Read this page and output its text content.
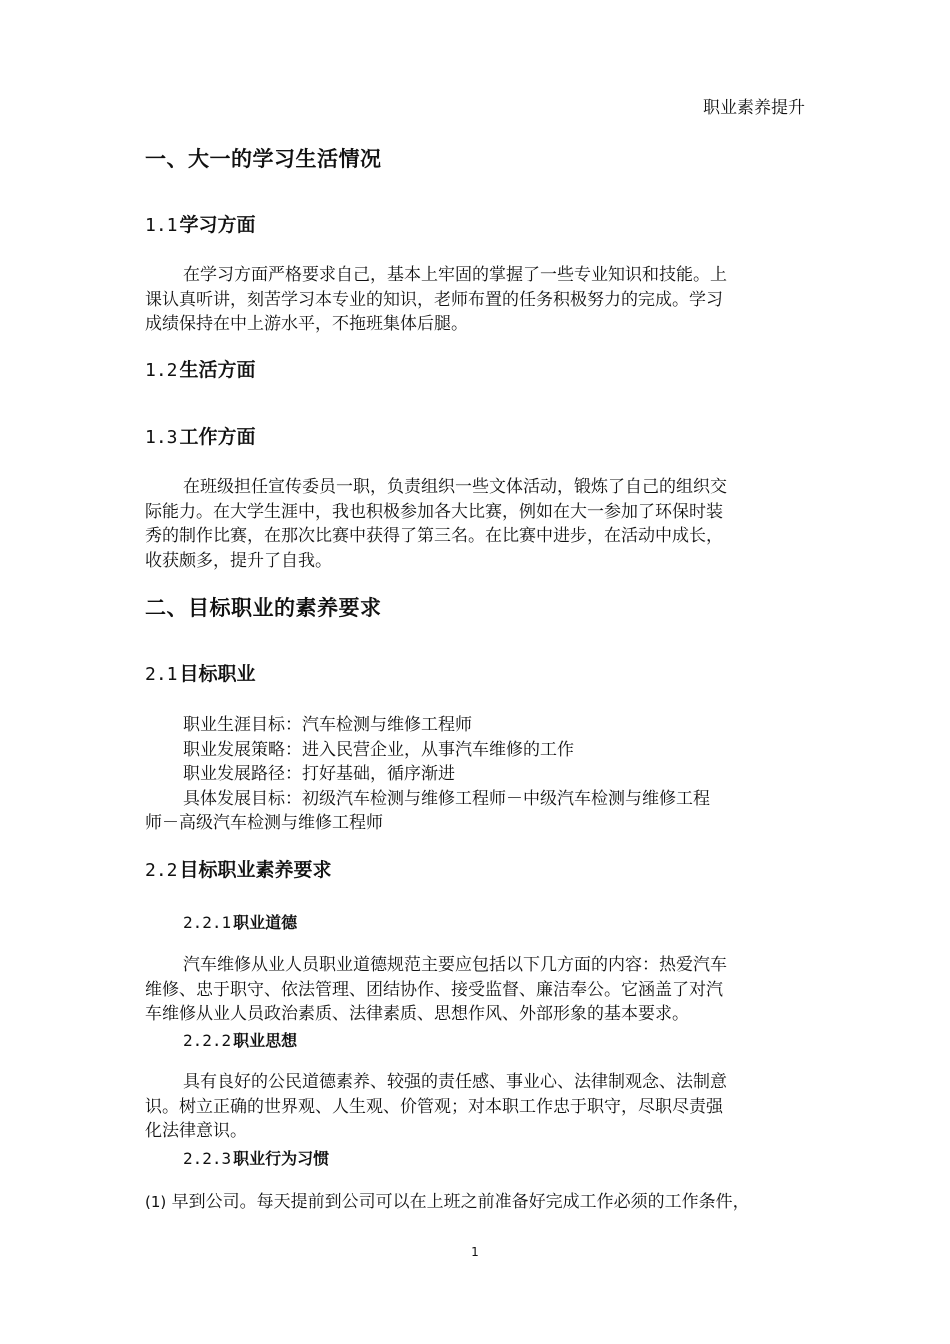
职业素养提升
一、大一的学习生活情况
1.1 学习方面
在学习方面严格要求自己，基本上牢固的掌握了一些专业知识和技能。上
课认真听讲，刻苦学习本专业的知识，老师布置的任务积极努力的完成。学习
成绩保持在中上游水平，不拖班集体后腿。
1.2 生活方面
1.3 工作方面
在班级担任宣传委员一职，负责组织一些文体活动，锻炼了自己的组织交
际能力。在大学生涯中，我也积极参加各大比赛，例如在大一参加了环保时装
秀的制作比赛，在那次比赛中获得了第三名。在比赛中进步，在活动中成长，
收获颇多，提升了自我。
二、目标职业的素养要求
2.1 目标职业
职业生涯目标：汽车检测与维修工程师
职业发展策略：进入民营企业，从事汽车维修的工作
职业发展路径：打好基础，循序渐进
具体发展目标：初级汽车检测与维修工程师－中级汽车检测与维修工程
师－高级汽车检测与维修工程师
2.2 目标职业素养要求
2.2.1 职业道德
汽车维修从业人员职业道德规范主要应包括以下几方面的内容：热爱汽车
维修、忠于职守、依法管理、团结协作、接受监督、廉洁奉公。它涵盖了对汽
车维修从业人员政治素质、法律素质、思想作风、外部形象的基本要求。
2.2.2 职业思想
具有良好的公民道德素养、较强的责任感、事业心、法律制观念、法制意
识。树立正确的世界观、人生观、价管观；对本职工作忠于职守，尽职尽责强
化法律意识。
2.2.3 职业行为习惯
(1) 早到公司。每天提前到公司可以在上班之前准备好完成工作必须的工作条件，
1
